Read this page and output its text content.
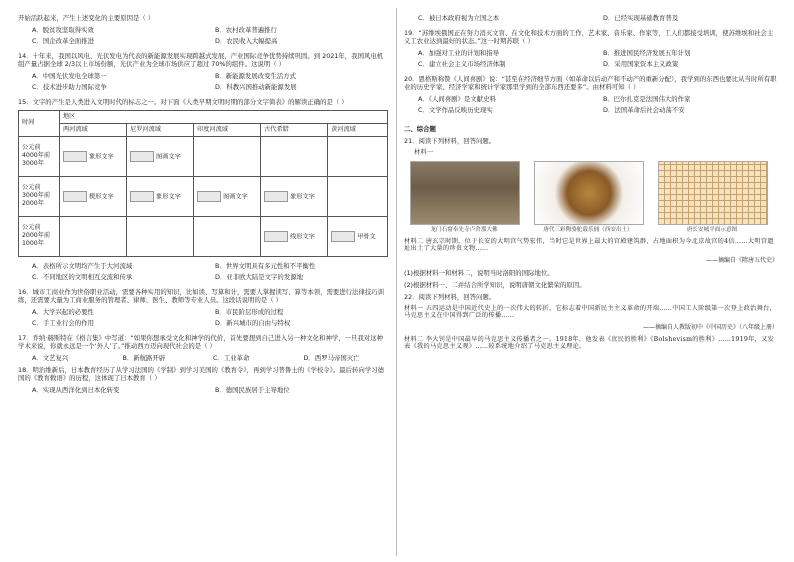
开始活跃起来，产生上述变化的主要原因是（ ）

A．脱贫攻坚取得实效	B．农村改革普遍推行
C．国企改革全面推进	D．农民收入大幅提高

14．十年来，我国以风电、光伏发电为代表的新能源发展实现跨越式发展，产业国际竞争优势持续巩固。到 2021年，我国风电机组产量占据全球 2/3以上市场份额，光伏产业为全球市场供应了超过 70%的组件。这说明（ ）

A．中国光伏发电全球第一	B．新能源发展改变生活方式
C．技术进步助力国际竞争	D．科教兴国推动新能源发展

15．文字的产生是人类进入文明时代的标志之一。对下面《人类早期文明时期的部分文字简表》的解读正确的是（ ）

时间	地区				
	两河流域	尼罗河流域	印度河流域	古代希腊	黄河流域
公元前4000年前3000年	象形文字	图画文字			
公元前3000年前2000年	楔形文字	象形文字	图画文字	象形文字	
公元前2000年前1000年				线形文字	甲骨文
A．表格所示文明均产生于大河流域	B．世界文明具有多元性和不平衡性
C．不同地区的文明相互交流和传承	D．亚非欧大陆是文字的发源地

16．城市工商业作为世俗职业活动，需要各种实用的知识，比如读、写算和计，需要人掌握读写、算等本领，需要进行法律技巧训练，还需要大量为工商业服务的管理者、律师、医生、教师等专业人员。这段话说明的是（ ）

A．大学兴起的必要性	B．市民阶层形成的过程
C．手工业行会的作用	D．新兴城市的自由与特权

17．乔纳·赫斯特在《格言集》中写道：“如果你想承受文化和神学的代价，首先要想到自己进入另一种文化和神学，一旦我对这种学术来说，你就永远是一个‘外人’了。”推动西方迈向现代社会的是（ ）

A．文艺复兴	B．新航路开辟	C．工业革命	D．西罗马帝国灭亡

18．明治维新后，日本教育经历了从学习法国的《学制》到学习美国的《教育令》，再到学习普鲁士的《学校令》。最后转向学习德国的《教育敕语》的历程，这体现了日本教育（ ）

A．实现从西洋化到日本化转变	B．德国民族居于主导地位
C．被日本政府视为立国之本	D．已经实现基础教育普及

19．“苏维埃俄国正在努力消灭文盲、在文化和技术方面的工作，艺术家、音乐家、作家等，工人们都接受培训，使苏维埃和社会主义工农业达到最好的状态。”这一时期苏联（ ）

A．加强对工业的计划和指导	B．推进国民经济发展五年计划
C．建立社会主义市场经济体制	D．采用国家资本主义政策

20．恩格斯称赞《人间喜剧》说：“甚至在经济细节方面（如革命以后动产和不动产的重新分配），我学到的东西也要比从当时所有职业的历史学家、经济学家和统计学家那里学到的全部东西还要多”。由材料可知（ ）

A．《人间喜剧》是文献史料	B．巴尔扎克是法国伟大的作家
C．文学作品反映历史现实	D．法国革命后社会动荡不安
二、综合题

21．阅读下列材料，回答问题。

材料一

龙门石窟奉先寺卢舍那大佛	唐代三彩陶骆驼载乐俑（西安出土）	唐长安城平面示意图

材料二 唐玄宗时期，位于长安的大明宫气势宏伟，当时它是世界上最大的宫殿建筑群，占地面积为今北京故宫的4倍……大明宫遗址出土了大量的珍贵文物……

——摘编自《隋唐五代史》

(1)根据材料一和材料二，说明当时洛阳的国际地位。

(2)根据材料一、二并结合所学知识，说明唐朝文化繁荣的原因。

22．阅读下列材料，回答问题。

材料一 五四运动是中国近代史上的一次伟大的转折，它标志着中国新民主主义革命的开端……中国工人阶级第一次登上政治舞台，马克思主义在中国得到广泛的传播……

——摘编自人教版初中《中国历史》（八年级上册）

材料二 李大钊是中国最早的马克思主义传播者之一。1918年，他发表《庶民的胜利》《Bolshevism的胜利》……1919年，又发表《我的马克思主义观》……较系统地介绍了马克思主义理论。
